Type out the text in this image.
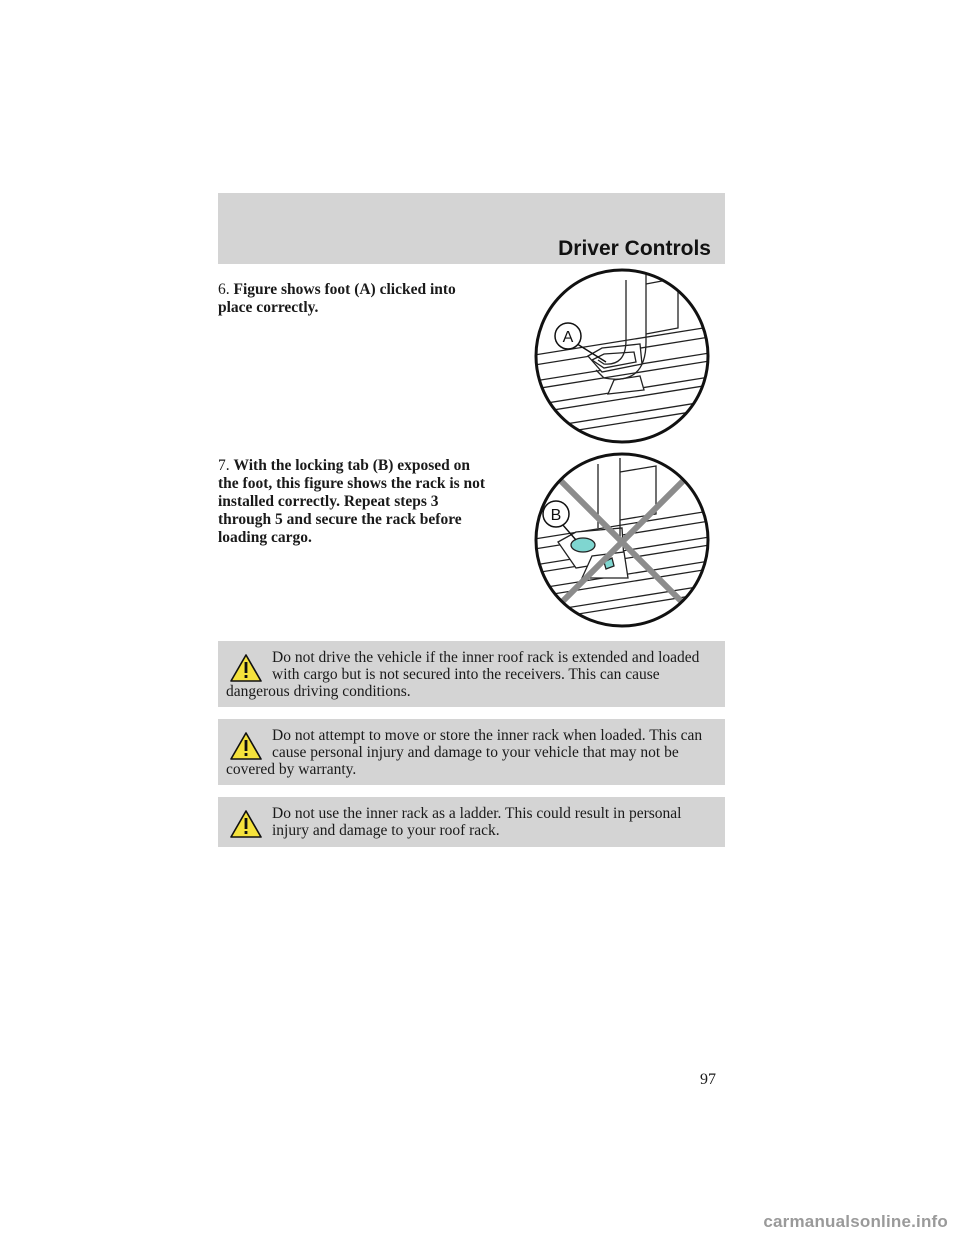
Driver Controls
6. Figure shows foot (A) clicked into place correctly.
A
7. With the locking tab (B) exposed on the foot, this figure shows the rack is not installed correctly. Repeat steps 3 through 5 and secure the rack before loading cargo.
B
Do not drive the vehicle if the inner roof rack is extended and loaded with cargo but is not secured into the receivers. This can cause dangerous driving conditions.
Do not attempt to move or store the inner rack when loaded. This can cause personal injury and damage to your vehicle that may not be covered by warranty.
Do not use the inner rack as a ladder. This could result in personal injury and damage to your roof rack.
97
carmanualsonline.info
